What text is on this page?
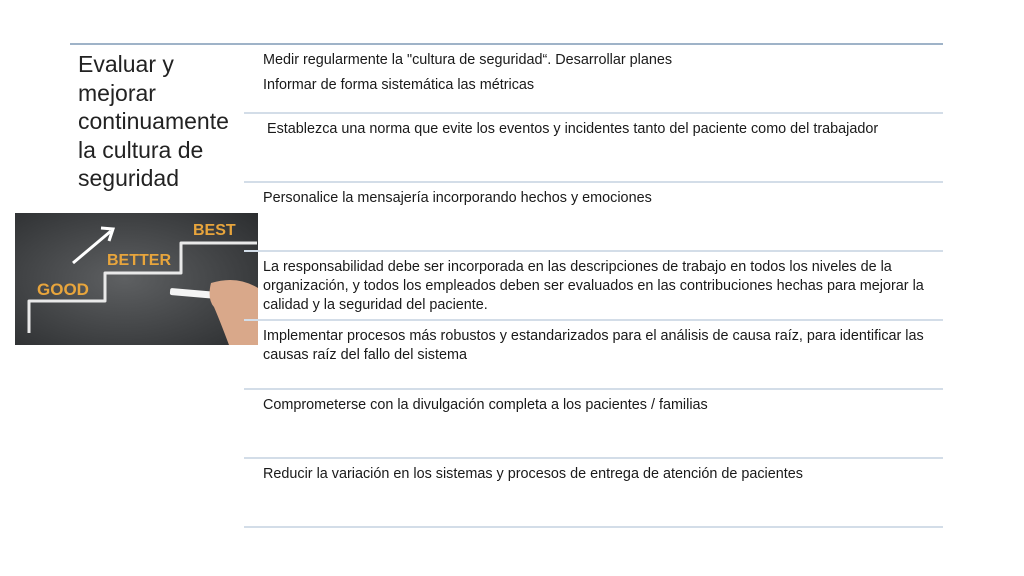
Evaluar y
mejorar
continuamente
la cultura de
seguridad
GOOD
BETTER
BEST

Medir regularmente la "cultura de seguridad“. Desarrollar planes

Informar de forma sistemática las métricas

Establezca una norma que evite los eventos y incidentes tanto del paciente como del trabajador

Personalice la mensajería incorporando hechos y emociones

La responsabilidad debe ser incorporada en las descripciones de trabajo en todos los niveles de la organización, y todos los empleados deben ser evaluados en las contribuciones hechas para mejorar la calidad y la seguridad del paciente.

Implementar procesos más robustos y estandarizados para el análisis de causa raíz, para identificar las causas raíz del fallo del sistema

Comprometerse con la divulgación completa a los pacientes / familias

Reducir la variación en los sistemas y procesos de entrega de atención de pacientes
